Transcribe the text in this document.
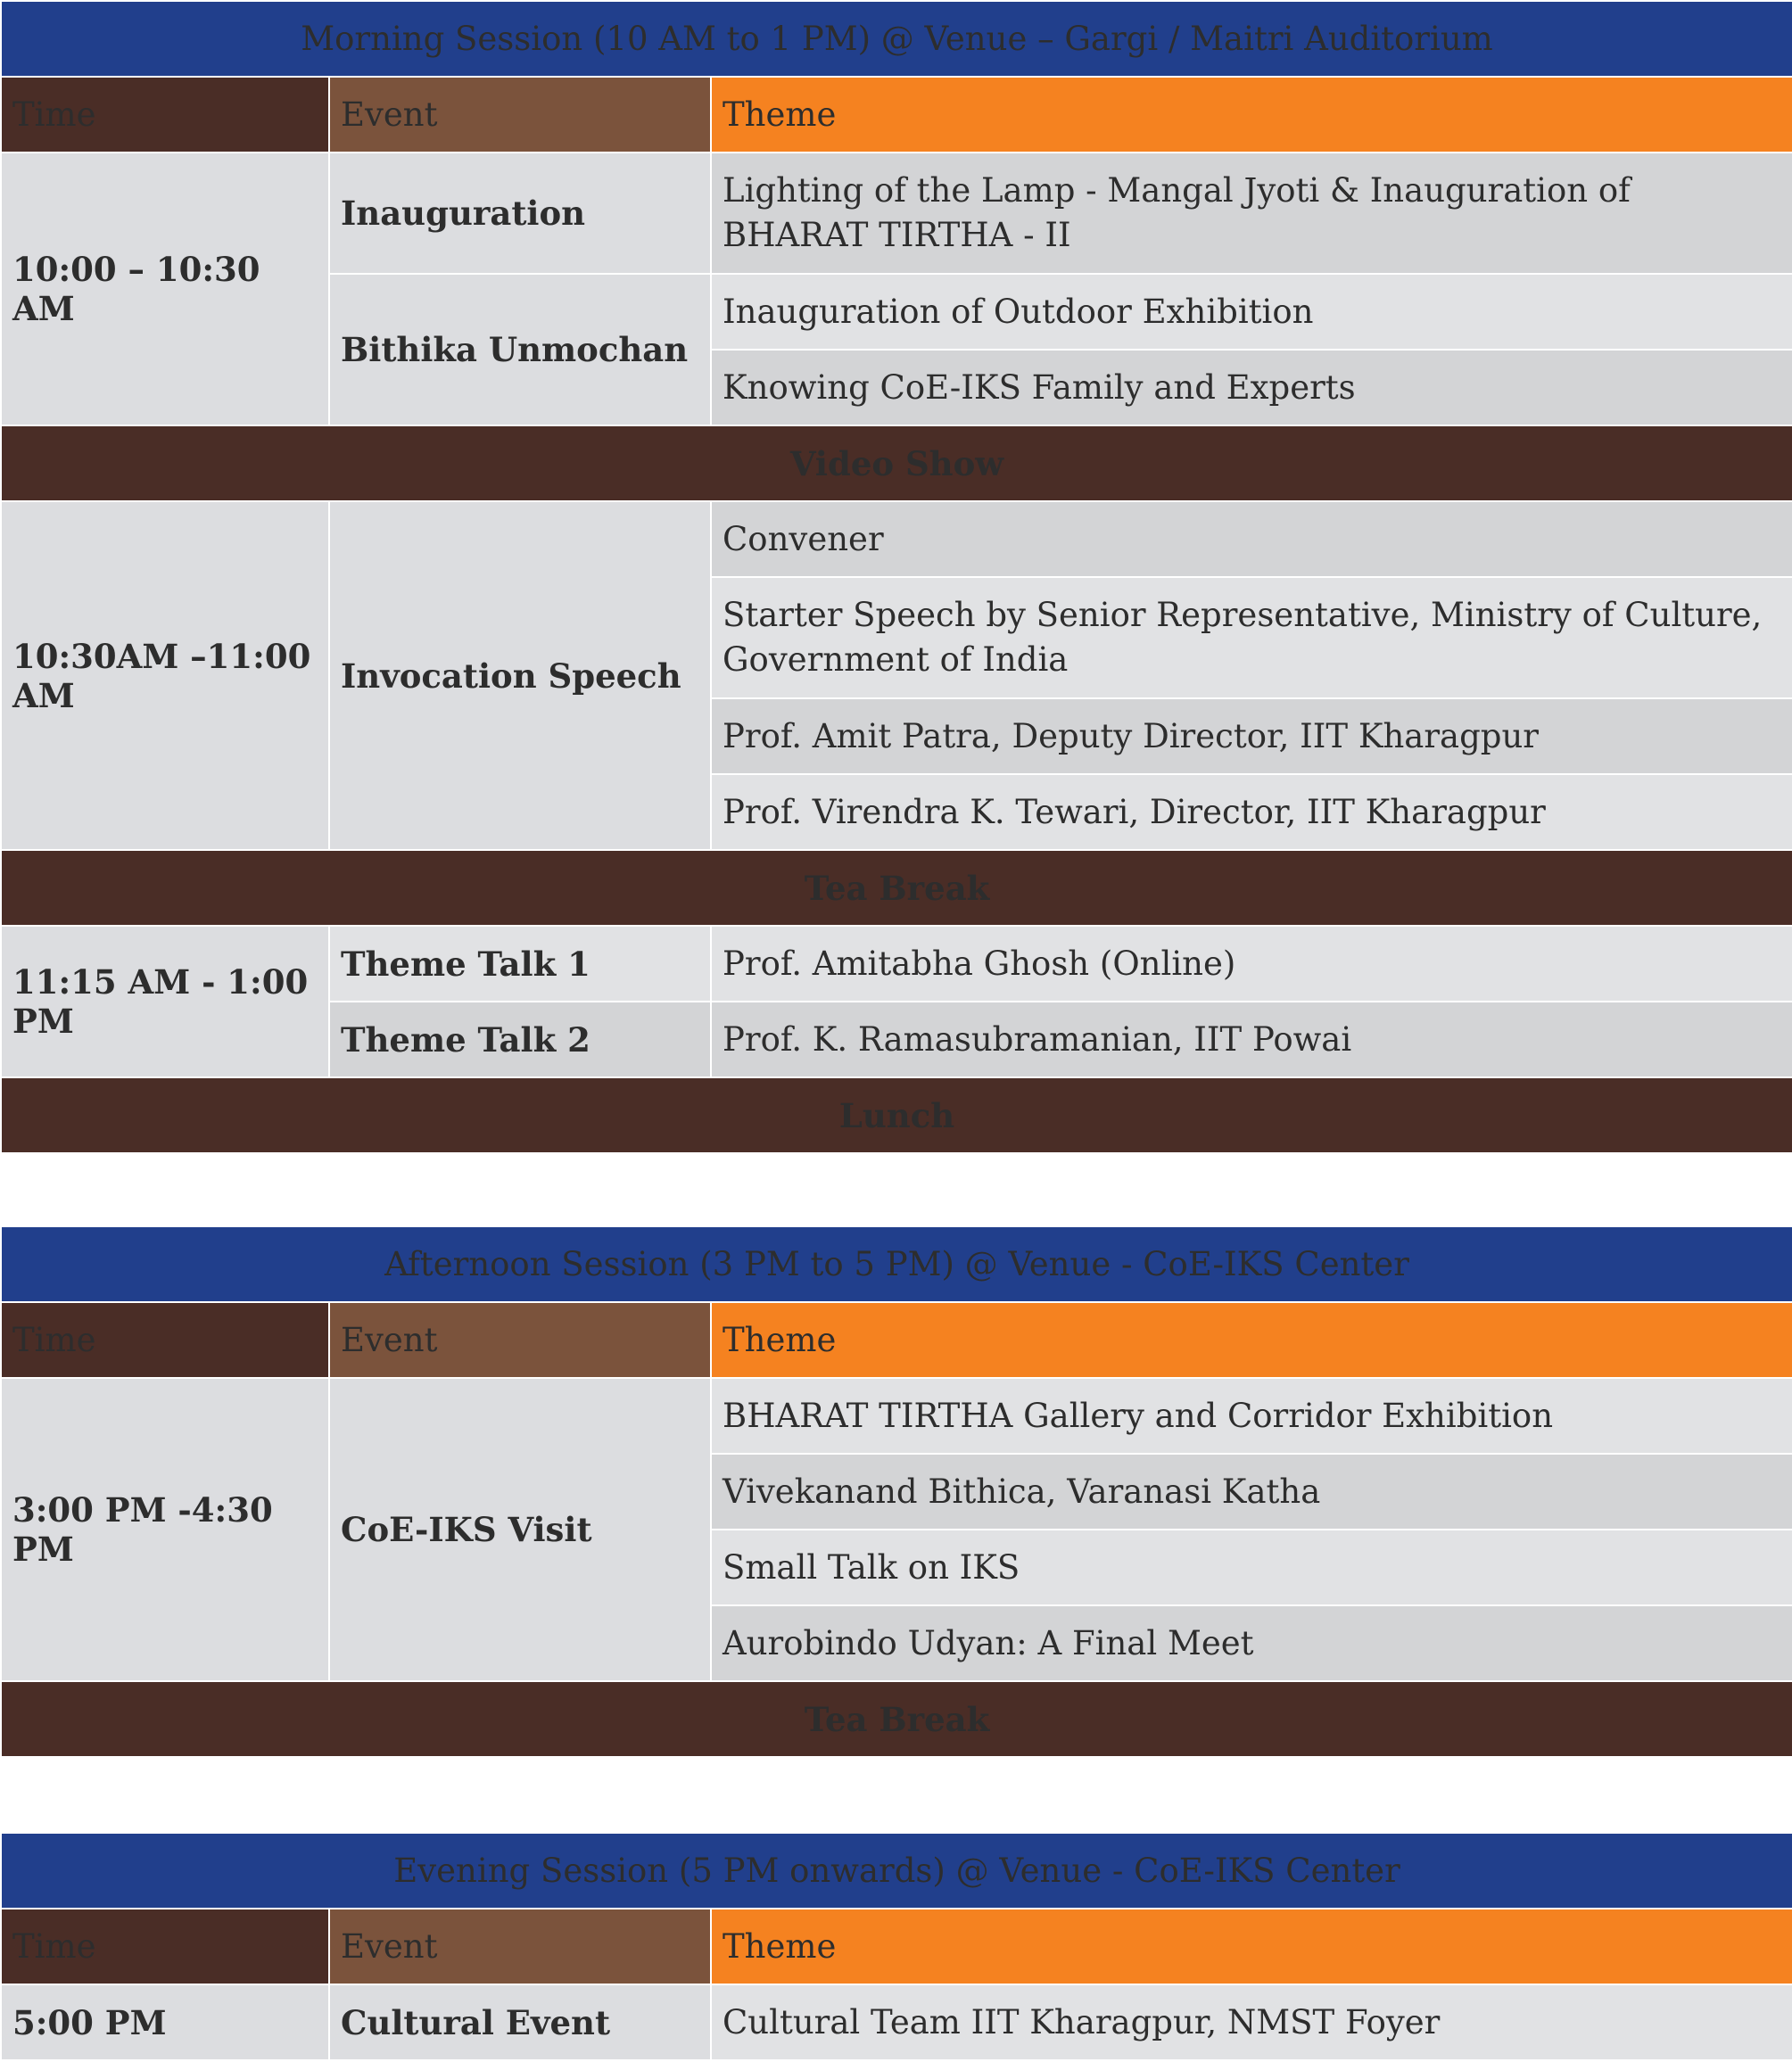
Morning Session (10 AM to 1 PM) @ Venue – Gargi / Maitri Auditorium		
Time	Event	Theme
10:00 – 10:30 AM	Inauguration	Lighting of the Lamp - Mangal Jyoti & Inauguration of BHARAT TIRTHA - II
	Bithika Unmochan	Inauguration of Outdoor Exhibition
		Knowing CoE-IKS Family and Experts
Video Show		
10:30AM –11:00 AM	Invocation Speech	Convener
		Starter Speech by Senior Representative, Ministry of Culture, Government of India
		Prof. Amit Patra, Deputy Director, IIT Kharagpur
		Prof. Virendra K. Tewari, Director, IIT Kharagpur
Tea Break		
11:15 AM - 1:00 PM	Theme Talk 1	Prof. Amitabha Ghosh (Online)
	Theme Talk 2	Prof. K. Ramasubramanian, IIT Powai
Lunch		
Afternoon Session (3 PM to 5 PM) @ Venue - CoE-IKS Center		
Time	Event	Theme
3:00 PM -4:30 PM	CoE-IKS Visit	BHARAT TIRTHA Gallery and Corridor Exhibition
		Vivekanand Bithica, Varanasi Katha
		Small Talk on IKS
		Aurobindo Udyan: A Final Meet
Tea Break		
Evening Session (5 PM onwards) @ Venue - CoE-IKS Center		
Time	Event	Theme
5:00 PM	Cultural Event	Cultural Team IIT Kharagpur, NMST Foyer
